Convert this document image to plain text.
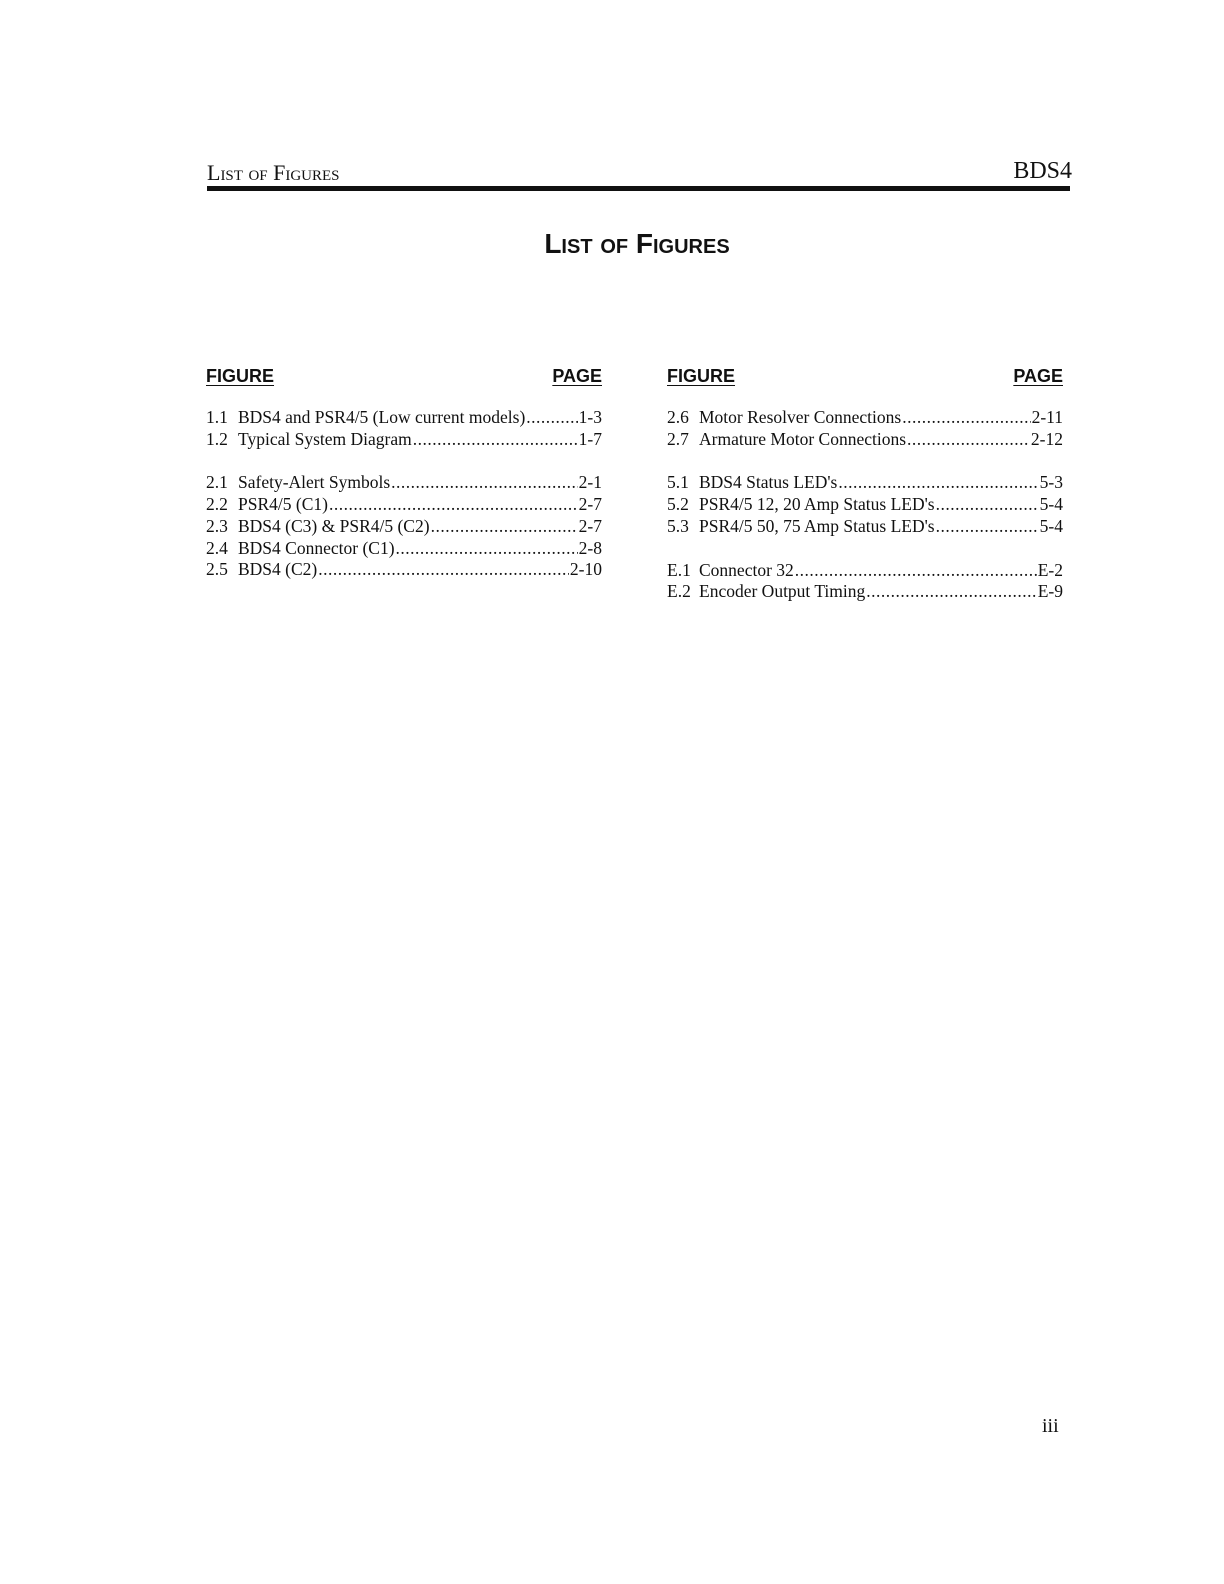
List of Figures	BDS4
List of Figures
FIGURE	PAGE
1.1 BDS4 and PSR4/5 (Low current models) .....	1-3
1.2 Typical System Diagram .....	1-7
2.1 Safety-Alert Symbols .....	2-1
2.2 PSR4/5 (C1) .....	2-7
2.3 BDS4 (C3) & PSR4/5 (C2) .....	2-7
2.4 BDS4 Connector (C1) .....	2-8
2.5 BDS4 (C2) .....	2-10
FIGURE	PAGE
2.6 Motor Resolver Connections .....	2-11
2.7 Armature Motor Connections .....	2-12
5.1 BDS4 Status LED's .....	5-3
5.2 PSR4/5 12, 20 Amp Status LED's .....	5-4
5.3 PSR4/5 50, 75 Amp Status LED's .....	5-4
E.1 Connector 32 .....	E-2
E.2 Encoder Output Timing .....	E-9
iii
